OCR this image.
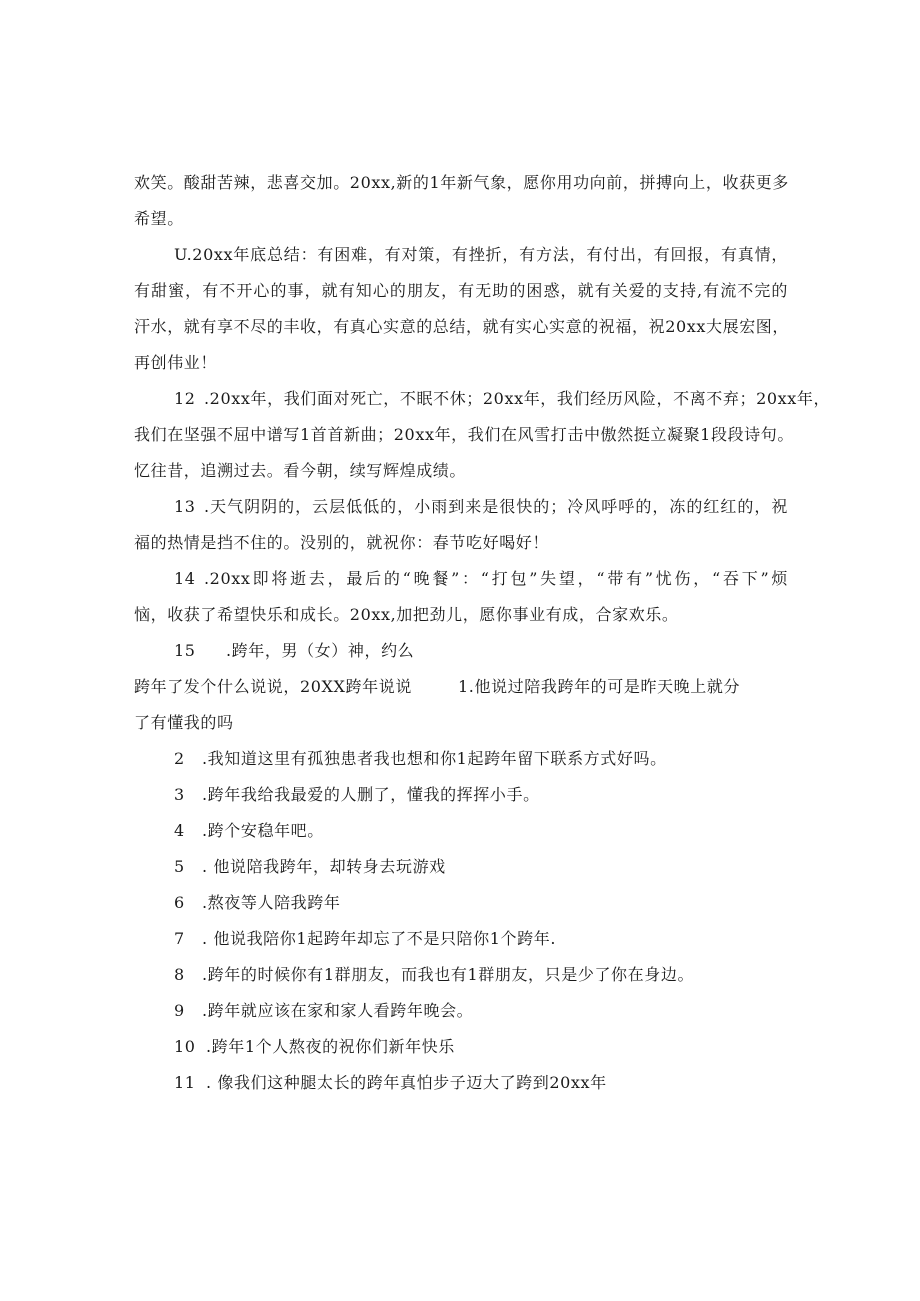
欢笑。酸甜苦辣，悲喜交加。20xx,新的1年新气象，愿你用功向前，拼搏向上，收获更多
希望。
U.20xx年底总结：有困难，有对策，有挫折，有方法，有付出，有回报，有真情，
有甜蜜，有不开心的事，就有知心的朋友，有无助的困惑，就有关爱的支持,有流不完的
汗水，就有享不尽的丰收，有真心实意的总结，就有实心实意的祝福，祝20xx大展宏图，
再创伟业！
12 .20xx年，我们面对死亡，不眠不休；20xx年，我们经历风险，不离不弃；20xx年，
我们在坚强不屈中谱写1首首新曲；20xx年，我们在风雪打击中傲然挺立凝聚1段段诗句。
忆往昔，追溯过去。看今朝，续写辉煌成绩。
13 .天气阴阴的，云层低低的，小雨到来是很快的；冷风呼呼的，冻的红红的，祝
福的热情是挡不住的。没别的，就祝你：春节吃好喝好！
14 .20xx即将逝去，最后的“晚餐”：“打包”失望，“带有”忧伤，“吞下”烦
恼，收获了希望快乐和成长。20xx,加把劲儿，愿你事业有成，合家欢乐。
15 .跨年，男（女）神，约么
跨年了发个什么说说，20XX跨年说说	1.他说过陪我跨年的可是昨天晚上就分
了有懂我的吗
2 .我知道这里有孤独患者我也想和你1起跨年留下联系方式好吗。
3 .跨年我给我最爱的人删了，懂我的挥挥小手。
4 .跨个安稳年吧。
5 . 他说陪我跨年，却转身去玩游戏
6 .熬夜等人陪我跨年
7 . 他说我陪你1起跨年却忘了不是只陪你1个跨年.
8 .跨年的时候你有1群朋友，而我也有1群朋友，只是少了你在身边。
9 .跨年就应该在家和家人看跨年晚会。
10 .跨年1个人熬夜的祝你们新年快乐
11 . 像我们这种腿太长的跨年真怕步子迈大了跨到20xx年
